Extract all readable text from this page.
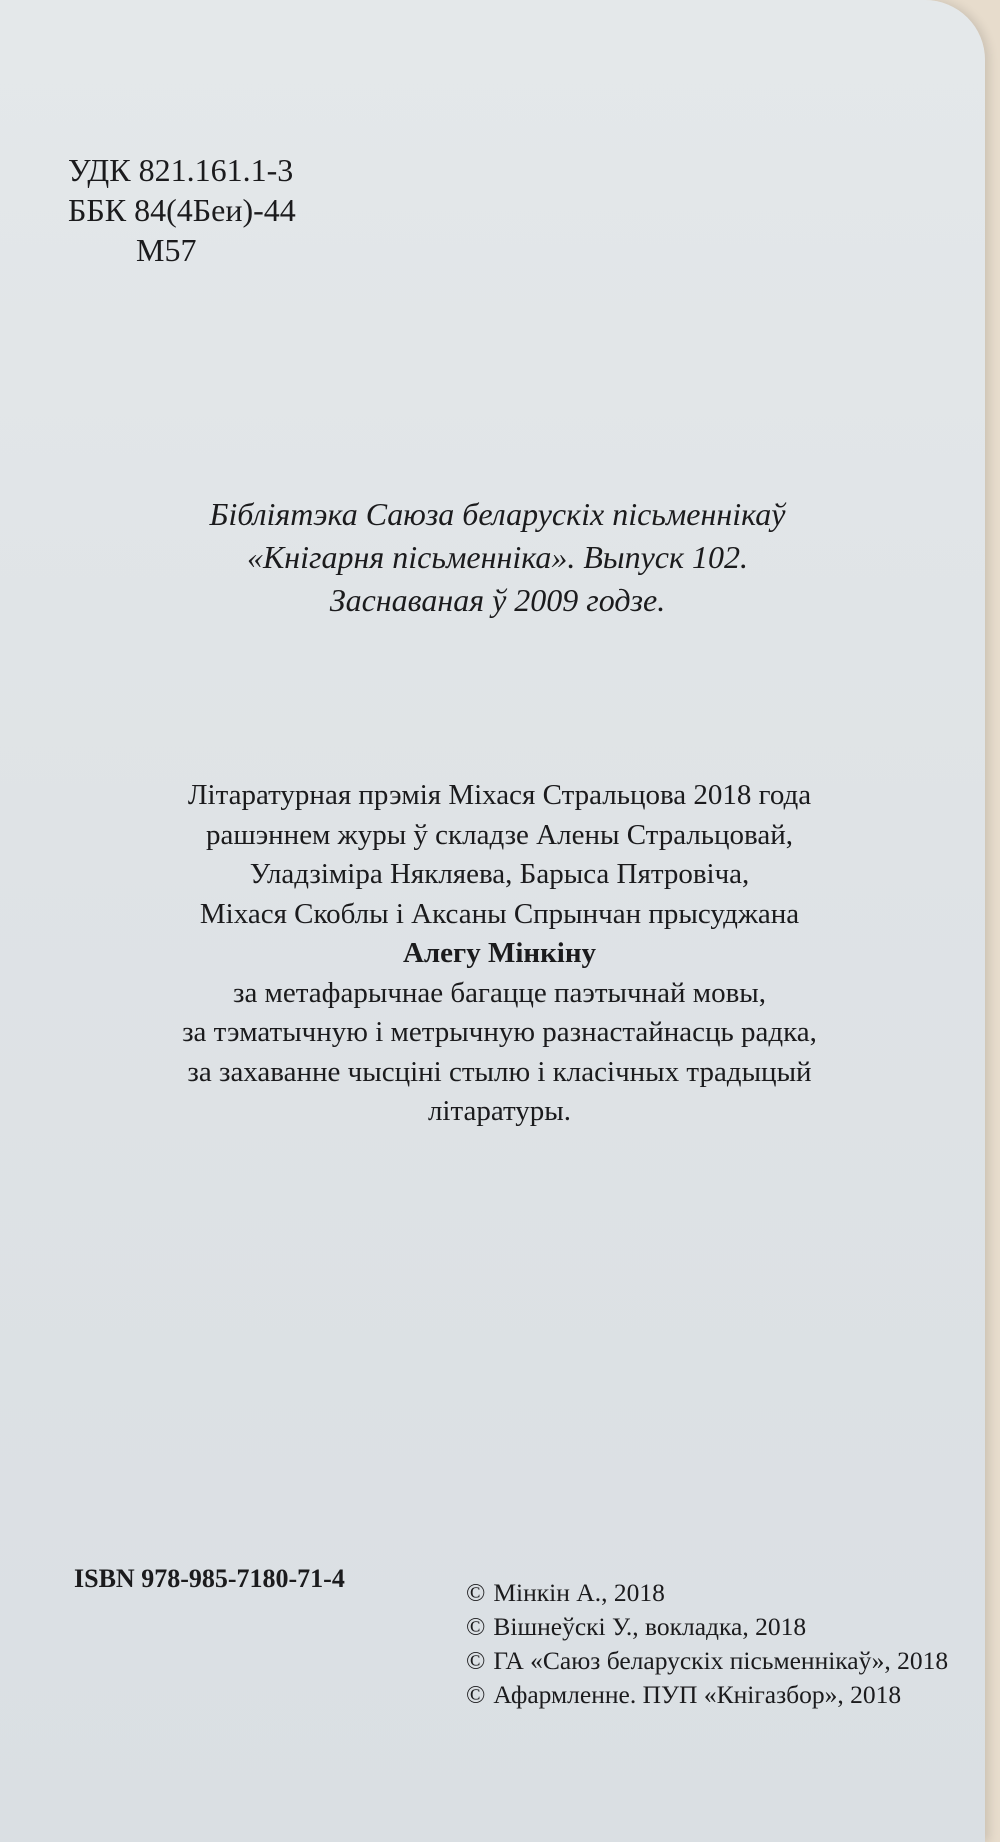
УДК 821.161.1-3
ББК 84(4Беи)-44
М57
Бібліятэка Саюза беларускіх пісьменнікаў
«Кнігарня пісьменніка». Выпуск 102.
Заснаваная ў 2009 годзе.
Літаратурная прэмія Міхася Стральцова 2018 года
рашэннем журы ў складзе Алены Стральцовай,
Уладзіміра Някляева, Барыса Пятровіча,
Міхася Скоблы і Аксаны Спрынчан прысуджана
Алегу Мінкіну
за метафарычнае багацце паэтычнай мовы,
за тэматычную і метрычную разнастайнасць радка,
за захаванне чысціні стылю і класічных традыцый
літаратуры.
ISBN 978-985-7180-71-4	© Мінкін А., 2018
© Вішнеўскі У., вокладка, 2018
© ГА «Саюз беларускіх пісьменнікаў», 2018
© Афармленне. ПУП «Кнігазбор», 2018
